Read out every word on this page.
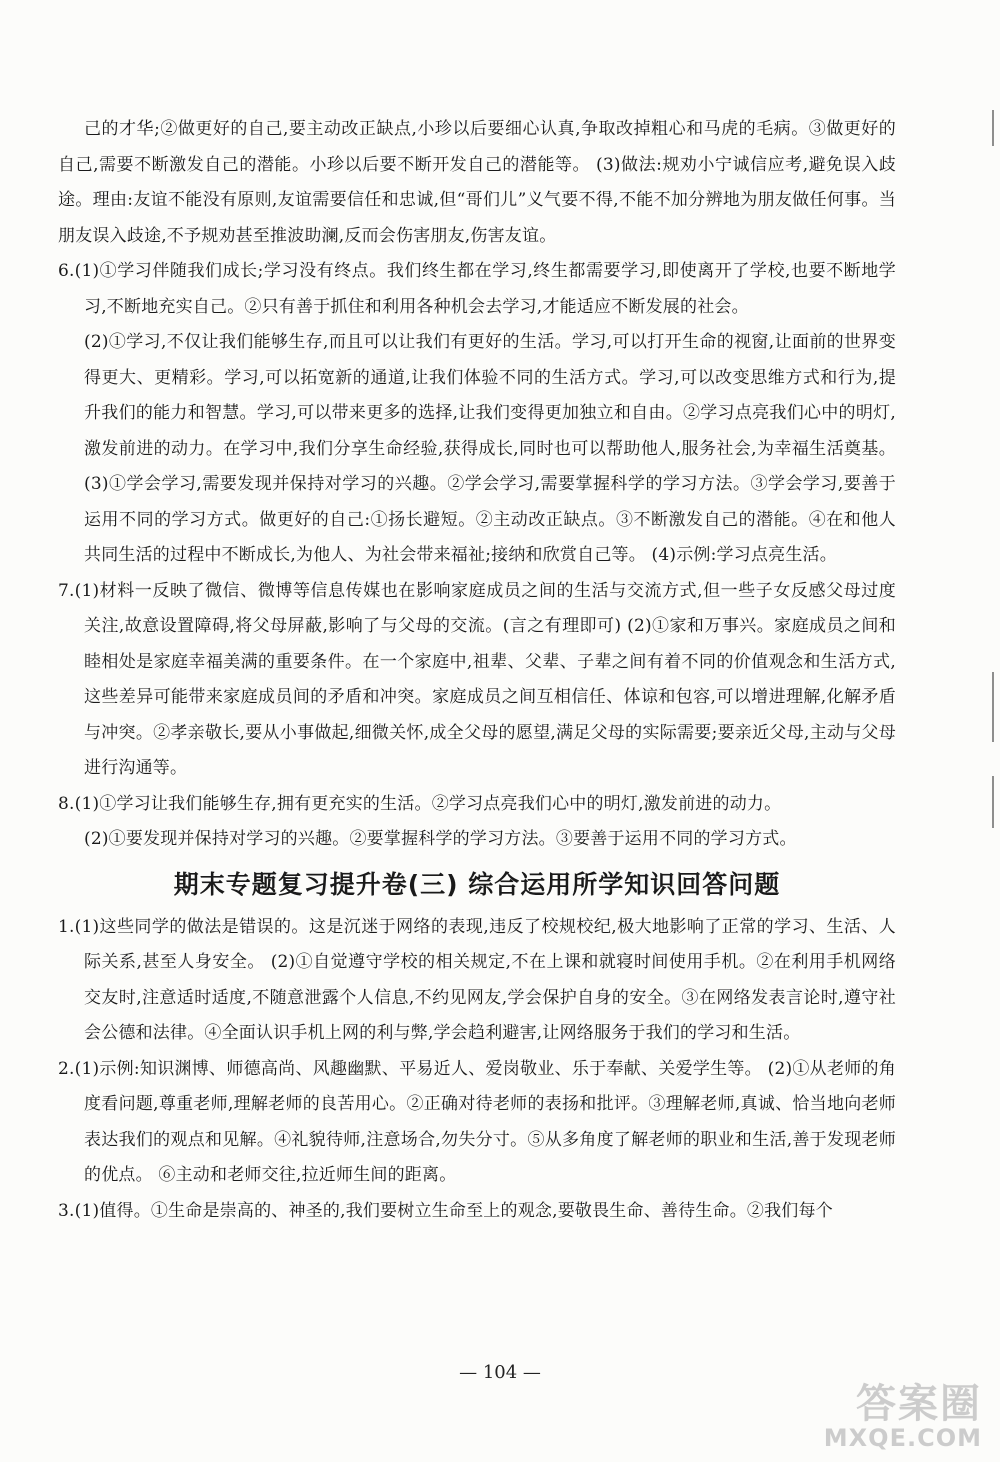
己的才华;②做更好的自己,要主动改正缺点,小珍以后要细心认真,争取改掉粗心和马虎的毛病。③做更好的自己,需要不断激发自己的潜能。小珍以后要不断开发自己的潜能等。 (3)做法:规劝小宁诚信应考,避免误入歧途。理由:友谊不能没有原则,友谊需要信任和忠诚,但“哥们儿”义气要不得,不能不加分辨地为朋友做任何事。当朋友误入歧途,不予规劝甚至推波助澜,反而会伤害朋友,伤害友谊。

6.(1)①学习伴随我们成长;学习没有终点。我们终生都在学习,终生都需要学习,即使离开了学校,也要不断地学习,不断地充实自己。②只有善于抓住和利用各种机会去学习,才能适应不断发展的社会。

(2)①学习,不仅让我们能够生存,而且可以让我们有更好的生活。学习,可以打开生命的视窗,让面前的世界变得更大、更精彩。学习,可以拓宽新的通道,让我们体验不同的生活方式。学习,可以改变思维方式和行为,提升我们的能力和智慧。学习,可以带来更多的选择,让我们变得更加独立和自由。②学习点亮我们心中的明灯,激发前进的动力。在学习中,我们分享生命经验,获得成长,同时也可以帮助他人,服务社会,为幸福生活奠基。 (3)①学会学习,需要发现并保持对学习的兴趣。②学会学习,需要掌握科学的学习方法。③学会学习,要善于运用不同的学习方式。做更好的自己:①扬长避短。②主动改正缺点。③不断激发自己的潜能。④在和他人共同生活的过程中不断成长,为他人、为社会带来福祉;接纳和欣赏自己等。 (4)示例:学习点亮生活。

7.(1)材料一反映了微信、微博等信息传媒也在影响家庭成员之间的生活与交流方式,但一些子女反感父母过度关注,故意设置障碍,将父母屏蔽,影响了与父母的交流。(言之有理即可) (2)①家和万事兴。家庭成员之间和睦相处是家庭幸福美满的重要条件。在一个家庭中,祖辈、父辈、子辈之间有着不同的价值观念和生活方式,这些差异可能带来家庭成员间的矛盾和冲突。家庭成员之间互相信任、体谅和包容,可以增进理解,化解矛盾与冲突。②孝亲敬长,要从小事做起,细微关怀,成全父母的愿望,满足父母的实际需要;要亲近父母,主动与父母进行沟通等。

8.(1)①学习让我们能够生存,拥有更充实的生活。②学习点亮我们心中的明灯,激发前进的动力。

(2)①要发现并保持对学习的兴趣。②要掌握科学的学习方法。③要善于运用不同的学习方式。

期末专题复习提升卷(三) 综合运用所学知识回答问题

1.(1)这些同学的做法是错误的。这是沉迷于网络的表现,违反了校规校纪,极大地影响了正常的学习、生活、人际关系,甚至人身安全。 (2)①自觉遵守学校的相关规定,不在上课和就寝时间使用手机。②在利用手机网络交友时,注意适时适度,不随意泄露个人信息,不约见网友,学会保护自身的安全。③在网络发表言论时,遵守社会公德和法律。④全面认识手机上网的利与弊,学会趋利避害,让网络服务于我们的学习和生活。

2.(1)示例:知识渊博、师德高尚、风趣幽默、平易近人、爱岗敬业、乐于奉献、关爱学生等。 (2)①从老师的角度看问题,尊重老师,理解老师的良苦用心。②正确对待老师的表扬和批评。③理解老师,真诚、恰当地向老师表达我们的观点和见解。④礼貌待师,注意场合,勿失分寸。⑤从多角度了解老师的职业和生活,善于发现老师的优点。 ⑥主动和老师交往,拉近师生间的距离。

3.(1)值得。①生命是崇高的、神圣的,我们要树立生命至上的观念,要敬畏生命、善待生命。②我们每个

— 104 —
答案圈
MXQE.COM
